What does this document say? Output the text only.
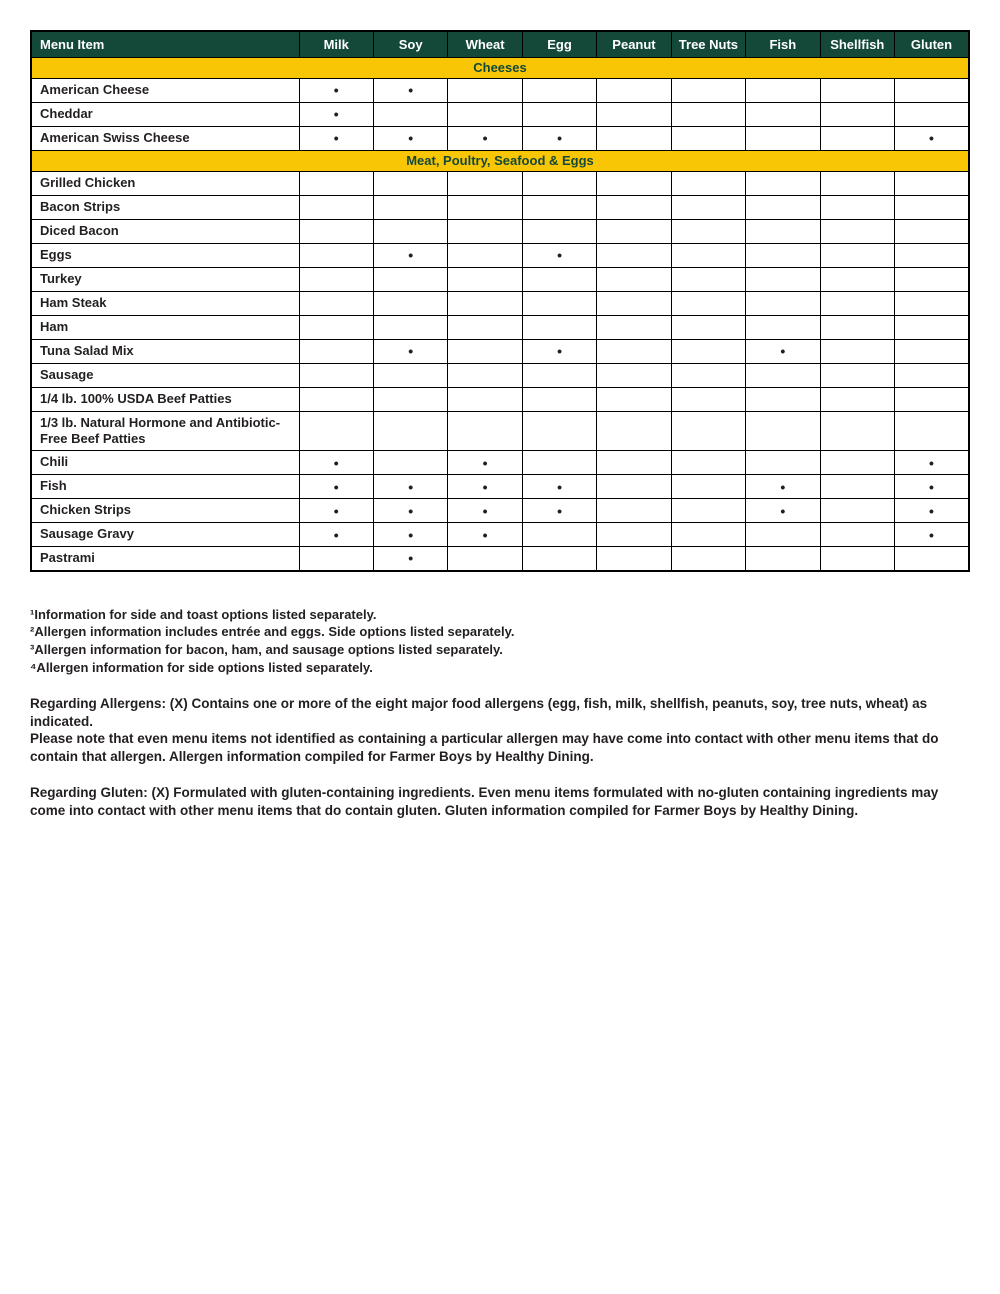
Menu Item	Milk	Soy	Wheat	Egg	Peanut	Tree Nuts	Fish	Shellfish	Gluten
Cheeses									
American Cheese	•	•							
Cheddar	•								
American Swiss Cheese	•	•	•	•					•
Meat, Poultry, Seafood & Eggs									
Grilled Chicken									
Bacon Strips									
Diced Bacon									
Eggs		•		•					
Turkey									
Ham Steak									
Ham									
Tuna Salad Mix		•		•			•		
Sausage									
1/4 lb. 100% USDA Beef Patties									
1/3 lb. Natural Hormone and Antibiotic-Free Beef Patties									
Chili	•		•						•
Fish	•	•	•	•			•		•
Chicken Strips	•	•	•	•			•		•
Sausage Gravy	•	•	•						•
Pastrami		•							
¹Information for side and toast options listed separately.
²Allergen information includes entrée and eggs. Side options listed separately.
³Allergen information for bacon, ham, and sausage options listed separately.
⁴Allergen information for side options listed separately.

Regarding Allergens: (X) Contains one or more of the eight major food allergens (egg, fish, milk, shellfish, peanuts, soy, tree nuts, wheat) as indicated.

Please note that even menu items not identified as containing a particular allergen may have come into contact with other menu items that do contain that allergen. Allergen information compiled for Farmer Boys by Healthy Dining.

Regarding Gluten: (X) Formulated with gluten-containing ingredients. Even menu items formulated with no-gluten containing ingredients may come into contact with other menu items that do contain gluten. Gluten information compiled for Farmer Boys by Healthy Dining.
